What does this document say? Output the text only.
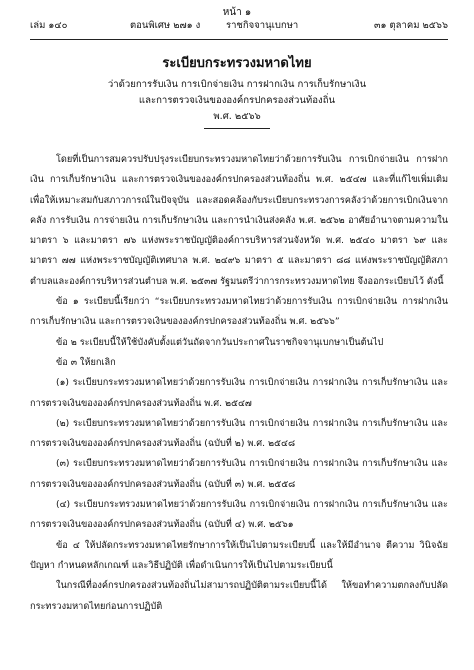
หน้า ๑
เล่ม ๑๔๐	ตอนพิเศษ ๒๗๑ ง	ราชกิจจานุเบกษา	๓๑ ตุลาคม ๒๕๖๖
ระเบียบกระทรวงมหาดไทย
ว่าด้วยการรับเงิน การเบิกจ่ายเงิน การฝากเงิน การเก็บรักษาเงิน
และการตรวจเงินขององค์กรปกครองส่วนท้องถิ่น
พ.ศ. ๒๕๖๖

โดยที่เป็นการสมควรปรับปรุงระเบียบกระทรวงมหาดไทยว่าด้วยการรับเงิน การเบิกจ่ายเงิน การฝากเงิน การเก็บรักษาเงิน และการตรวจเงินขององค์กรปกครองส่วนท้องถิ่น พ.ศ. ๒๕๔๗ และที่แก้ไขเพิ่มเติม เพื่อให้เหมาะสมกับสภาวการณ์ในปัจจุบัน และสอดคล้องกับระเบียบกระทรวงการคลังว่าด้วยการเบิกเงินจากคลัง การรับเงิน การจ่ายเงิน การเก็บรักษาเงิน และการนำเงินส่งคลัง พ.ศ. ๒๕๖๒ อาศัยอำนาจตามความในมาตรา ๖ และมาตรา ๗๖ แห่งพระราชบัญญัติองค์การบริหารส่วนจังหวัด พ.ศ. ๒๕๔๐ มาตรา ๖๙ และมาตรา ๗๗ แห่งพระราชบัญญัติเทศบาล พ.ศ. ๒๔๙๖ มาตรา ๕ และมาตรา ๘๘ แห่งพระราชบัญญัติสภาตำบลและองค์การบริหารส่วนตำบล พ.ศ. ๒๕๓๗ รัฐมนตรีว่าการกระทรวงมหาดไทย จึงออกระเบียบไว้ ดังนี้

ข้อ ๑ ระเบียบนี้เรียกว่า “ระเบียบกระทรวงมหาดไทยว่าด้วยการรับเงิน การเบิกจ่ายเงิน การฝากเงิน การเก็บรักษาเงิน และการตรวจเงินขององค์กรปกครองส่วนท้องถิ่น พ.ศ. ๒๕๖๖”

ข้อ ๒ ระเบียบนี้ให้ใช้บังคับตั้งแต่วันถัดจากวันประกาศในราชกิจจานุเบกษาเป็นต้นไป

ข้อ ๓ ให้ยกเลิก

(๑) ระเบียบกระทรวงมหาดไทยว่าด้วยการรับเงิน การเบิกจ่ายเงิน การฝากเงิน การเก็บรักษาเงิน และการตรวจเงินขององค์กรปกครองส่วนท้องถิ่น พ.ศ. ๒๕๔๗

(๒) ระเบียบกระทรวงมหาดไทยว่าด้วยการรับเงิน การเบิกจ่ายเงิน การฝากเงิน การเก็บรักษาเงิน และการตรวจเงินขององค์กรปกครองส่วนท้องถิ่น (ฉบับที่ ๒) พ.ศ. ๒๕๔๘

(๓) ระเบียบกระทรวงมหาดไทยว่าด้วยการรับเงิน การเบิกจ่ายเงิน การฝากเงิน การเก็บรักษาเงิน และการตรวจเงินขององค์กรปกครองส่วนท้องถิ่น (ฉบับที่ ๓) พ.ศ. ๒๕๕๘

(๔) ระเบียบกระทรวงมหาดไทยว่าด้วยการรับเงิน การเบิกจ่ายเงิน การฝากเงิน การเก็บรักษาเงิน และการตรวจเงินขององค์กรปกครองส่วนท้องถิ่น (ฉบับที่ ๔) พ.ศ. ๒๕๖๑

ข้อ ๔ ให้ปลัดกระทรวงมหาดไทยรักษาการให้เป็นไปตามระเบียบนี้ และให้มีอำนาจ ตีความ วินิจฉัยปัญหา กำหนดหลักเกณฑ์ และวิธีปฏิบัติ เพื่อดำเนินการให้เป็นไปตามระเบียบนี้

ในกรณีที่องค์กรปกครองส่วนท้องถิ่นไม่สามารถปฏิบัติตามระเบียบนี้ได้ ให้ขอทำความตกลงกับปลัดกระทรวงมหาดไทยก่อนการปฏิบัติ
